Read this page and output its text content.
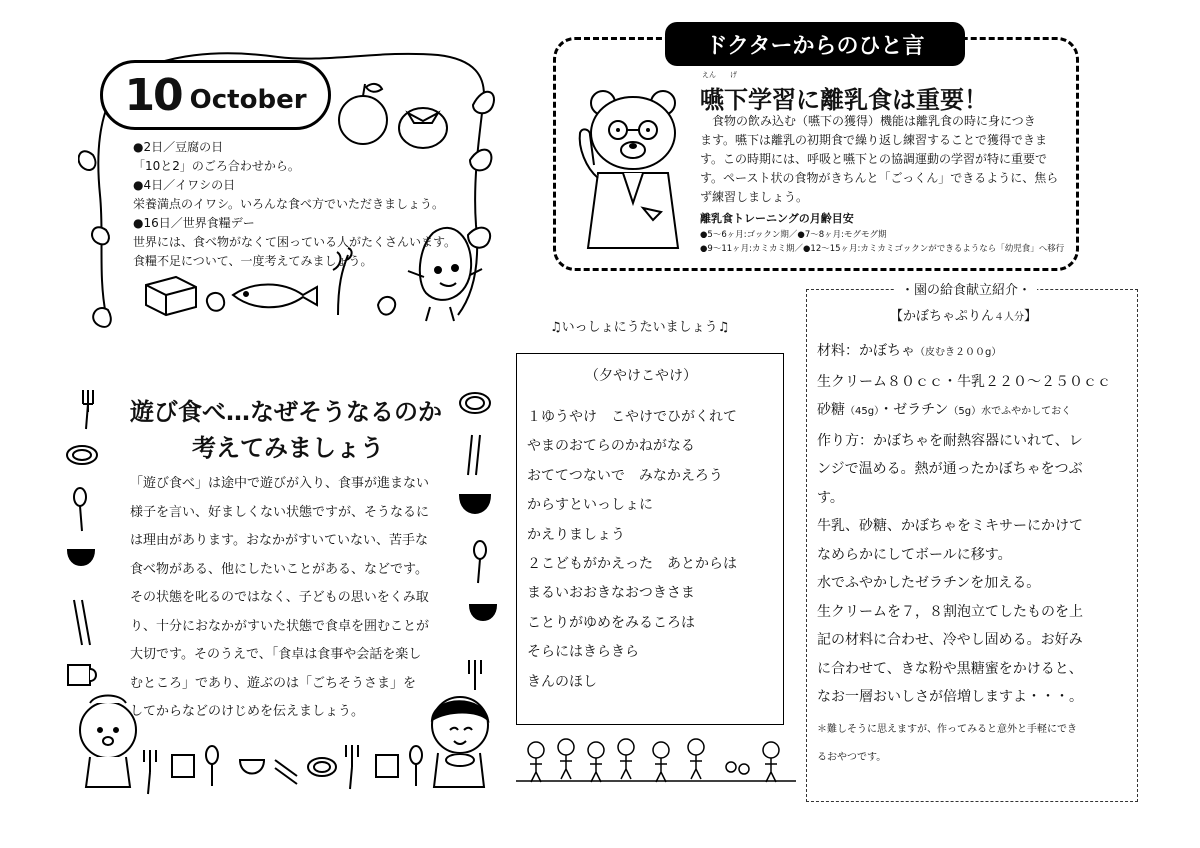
10 October
●2日／豆腐の日
「10と2」のごろ合わせから。
●4日／イワシの日
栄養満点のイワシ。いろんな食べ方でいただきましょう。
●16日／世界食糧デー
世界には、食べ物がなくて困っている人がたくさんいます。
食糧不足について、一度考えてみましょう。
ドクターからのひと言
えん げ
嚥下学習に離乳食は重要！
　食物の飲み込む（嚥下の獲得）機能は離乳食の時に身につき
ます。嚥下は離乳の初期食で繰り返し練習することで獲得できま
す。この時期には、呼吸と嚥下との協調運動の学習が特に重要で
す。ペースト状の食物がきちんと「ごっくん」できるように、焦ら
ず練習しましょう。
離乳食トレーニングの月齢目安
●5～6ヶ月:ゴックン期／●7～8ヶ月:モグモグ期
●9～11ヶ月:カミカミ期／●12～15ヶ月:カミカミゴックンができるようなら「幼児食」へ移行
遊び食べ…なぜそうなるのか
考えてみましょう
「遊び食べ」は途中で遊びが入り、食事が進まない
様子を言い、好ましくない状態ですが、そうなるに
は理由があります。おなかがすいていない、苦手な
食べ物がある、他にしたいことがある、などです。
その状態を叱るのではなく、子どもの思いをくみ取
り、十分におなかがすいた状態で食卓を囲むことが
大切です。そのうえで、「食卓は食事や会話を楽し
むところ」であり、遊ぶのは「ごちそうさま」を
してからなどのけじめを伝えましょう。
♫いっしょにうたいましょう♫
（夕やけこやけ）
１ゆうやけ　こやけでひがくれて
やまのおてらのかねがなる
おててつないで　みなかえろう
からすといっしょに
かえりましょう
２こどもがかえった　あとからは
まるいおおきなおつきさま
ことりがゆめをみるころは
そらにはきらきら
きんのほし
・園の給食献立紹介・
【かぼちゃぷりん４人分】
材料：かぼちゃ（皮むき２００g）
生クリーム８０ｃｃ・牛乳２２０～２５０ｃｃ
砂糖（45g）・ゼラチン（5g）水でふやかしておく
作り方：かぼちゃを耐熱容器にいれて、レ
ンジで温める。熱が通ったかぼちゃをつぶ
す。
牛乳、砂糖、かぼちゃをミキサーにかけて
なめらかにしてボールに移す。
水でふやかしたゼラチンを加える。
生クリームを７，８割泡立てしたものを上
記の材料に合わせ、冷やし固める。お好み
に合わせて、きな粉や黒糖蜜をかけると、
なお一層おいしさが倍増しますよ・・・。
＊難しそうに思えますが、作ってみると意外と手軽にでき
るおやつです。
